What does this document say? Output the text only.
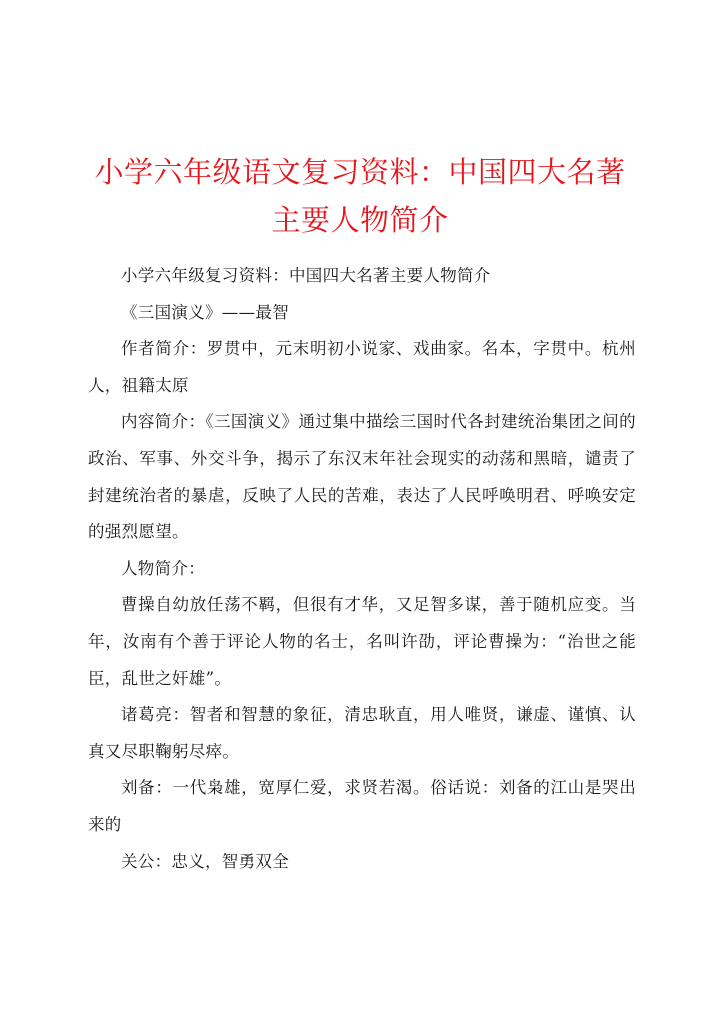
小学六年级语文复习资料：中国四大名著主要人物简介

小学六年级复习资料：中国四大名著主要人物简介

《三国演义》——最智

作者简介：罗贯中，元末明初小说家、戏曲家。名本，字贯中。杭州人，祖籍太原

内容简介：《三国演义》通过集中描绘三国时代各封建统治集团之间的政治、军事、外交斗争，揭示了东汉末年社会现实的动荡和黑暗，谴责了封建统治者的暴虐，反映了人民的苦难，表达了人民呼唤明君、呼唤安定的强烈愿望。

人物简介：

曹操自幼放任荡不羁，但很有才华，又足智多谋，善于随机应变。当年，汝南有个善于评论人物的名士，名叫许劭，评论曹操为：“治世之能臣，乱世之奸雄”。

诸葛亮：智者和智慧的象征，清忠耿直，用人唯贤，谦虚、谨慎、认真又尽职鞠躬尽瘁。

刘备：一代枭雄，宽厚仁爱，求贤若渴。俗话说：刘备的江山是哭出来的

关公：忠义，智勇双全
